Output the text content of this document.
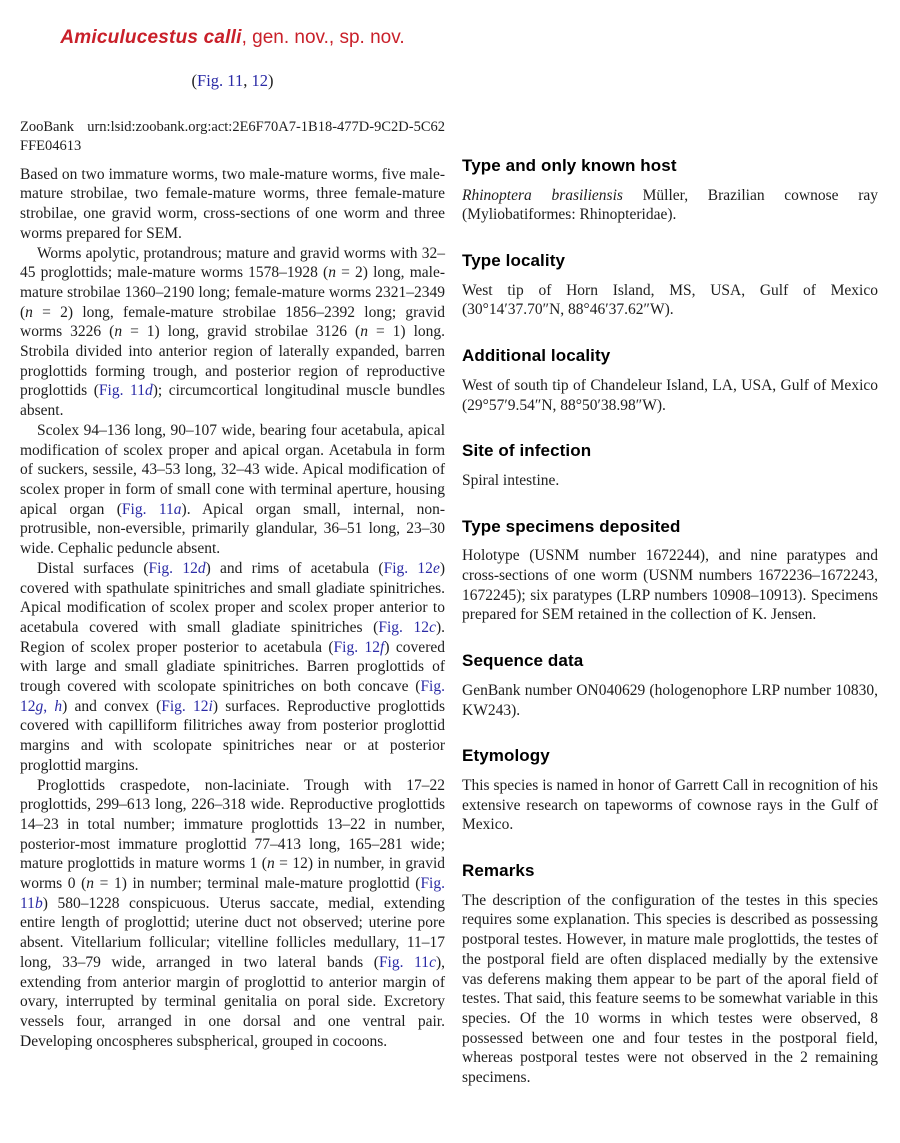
Amiculucestus calli, gen. nov., sp. nov.

(Fig. 11, 12)

ZooBank urn:lsid:zoobank.org:act:2E6F70A7-1B18-477D-9C2D-5C62
FFE04613

Based on two immature worms, two male-mature worms, five male-mature strobilae, two female-mature worms, three female-mature strobilae, one gravid worm, cross-sections of one worm and three worms prepared for SEM.

Worms apolytic, protandrous; mature and gravid worms with 32–45 proglottids; male-mature worms 1578–1928 (n = 2) long, male-mature strobilae 1360–2190 long; female-mature worms 2321–2349 (n = 2) long, female-mature strobilae 1856–2392 long; gravid worms 3226 (n = 1) long, gravid strobilae 3126 (n = 1) long. Strobila divided into anterior region of laterally expanded, barren proglottids forming trough, and posterior region of reproductive proglottids (Fig. 11d); circumcortical longitudinal muscle bundles absent.

Scolex 94–136 long, 90–107 wide, bearing four acetabula, apical modification of scolex proper and apical organ. Acetabula in form of suckers, sessile, 43–53 long, 32–43 wide. Apical modification of scolex proper in form of small cone with terminal aperture, housing apical organ (Fig. 11a). Apical organ small, internal, non-protrusible, non-eversible, primarily glandular, 36–51 long, 23–30 wide. Cephalic peduncle absent.

Distal surfaces (Fig. 12d) and rims of acetabula (Fig. 12e) covered with spathulate spinitriches and small gladiate spinitriches. Apical modification of scolex proper and scolex proper anterior to acetabula covered with small gladiate spinitriches (Fig. 12c). Region of scolex proper posterior to acetabula (Fig. 12f) covered with large and small gladiate spinitriches. Barren proglottids of trough covered with scolopate spinitriches on both concave (Fig. 12g, h) and convex (Fig. 12i) surfaces. Reproductive proglottids covered with capilliform filitriches away from posterior proglottid margins and with scolopate spinitriches near or at posterior proglottid margins.

Proglottids craspedote, non-laciniate. Trough with 17–22 proglottids, 299–613 long, 226–318 wide. Reproductive proglottids 14–23 in total number; immature proglottids 13–22 in number, posterior-most immature proglottid 77–413 long, 165–281 wide; mature proglottids in mature worms 1 (n = 12) in number, in gravid worms 0 (n = 1) in number; terminal male-mature proglottid (Fig. 11b) 580–1228 conspicuous. Uterus saccate, medial, extending entire length of proglottid; uterine duct not observed; uterine pore absent. Vitellarium follicular; vitelline follicles medullary, 11–17 long, 33–79 wide, arranged in two lateral bands (Fig. 11c), extending from anterior margin of proglottid to anterior margin of ovary, interrupted by terminal genitalia on poral side. Excretory vessels four, arranged in one dorsal and one ventral pair. Developing oncospheres subspherical, grouped in cocoons.

Type and only known host

Rhinoptera brasiliensis Müller, Brazilian cownose ray (Myliobatiformes: Rhinopteridae).

Type locality

West tip of Horn Island, MS, USA, Gulf of Mexico (30°14′37.70″N, 88°46′37.62″W).

Additional locality

West of south tip of Chandeleur Island, LA, USA, Gulf of Mexico (29°57′9.54″N, 88°50′38.98″W).

Site of infection

Spiral intestine.

Type specimens deposited

Holotype (USNM number 1672244), and nine paratypes and cross-sections of one worm (USNM numbers 1672236–1672243, 1672245); six paratypes (LRP numbers 10908–10913). Specimens prepared for SEM retained in the collection of K. Jensen.

Sequence data

GenBank number ON040629 (hologenophore LRP number 10830, KW243).

Etymology

This species is named in honor of Garrett Call in recognition of his extensive research on tapeworms of cownose rays in the Gulf of Mexico.

Remarks

The description of the configuration of the testes in this species requires some explanation. This species is described as possessing postporal testes. However, in mature male proglottids, the testes of the postporal field are often displaced medially by the extensive vas deferens making them appear to be part of the aporal field of testes. That said, this feature seems to be somewhat variable in this species. Of the 10 worms in which testes were observed, 8 possessed between one and four testes in the postporal field, whereas postporal testes were not observed in the 2 remaining specimens.
